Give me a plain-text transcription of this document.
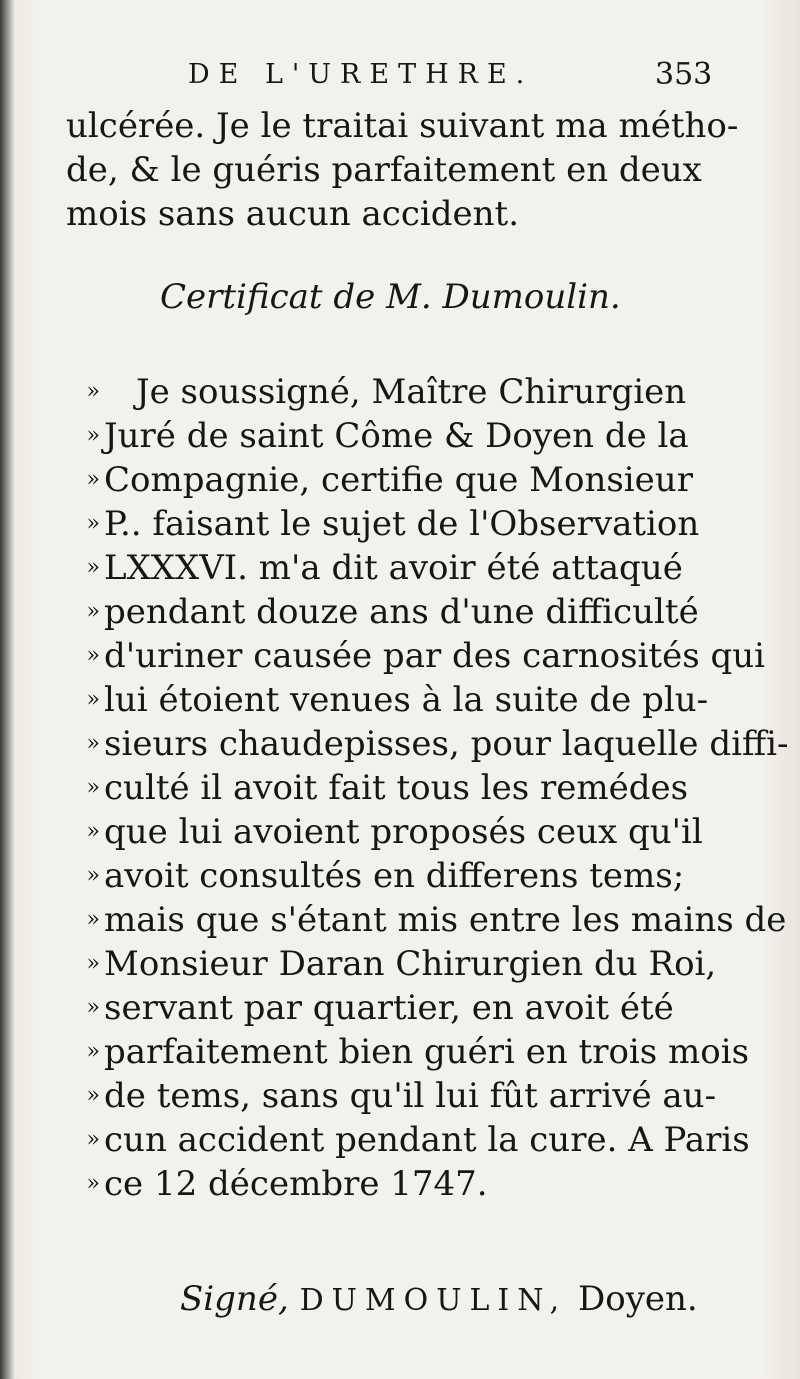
DE L'URETHRE.	353
ulcérée. Je le traitai suivant ma métho-
de, & le guéris parfaitement en deux
mois sans aucun accident.
Certificat de M. Dumoulin.
» Je soussigné, Maître Chirurgien
» Juré de saint Côme & Doyen de la
» Compagnie, certifie que Monsieur
» P.. faisant le sujet de l'Observation
» LXXXVI. m'a dit avoir été attaqué
» pendant douze ans d'une difficulté
» d'uriner causée par des carnosités qui
» lui étoient venues à la suite de plu-
» sieurs chaudepisses, pour laquelle diffi-
» culté il avoit fait tous les remédes
» que lui avoient proposés ceux qu'il
» avoit consultés en differens tems;
» mais que s'étant mis entre les mains de
» Monsieur Daran Chirurgien du Roi,
» servant par quartier, en avoit été
» parfaitement bien guéri en trois mois
» de tems, sans qu'il lui fût arrivé au-
» cun accident pendant la cure. A Paris
» ce 12 décembre 1747.
Signé, DUMOULIN, Doyen.
